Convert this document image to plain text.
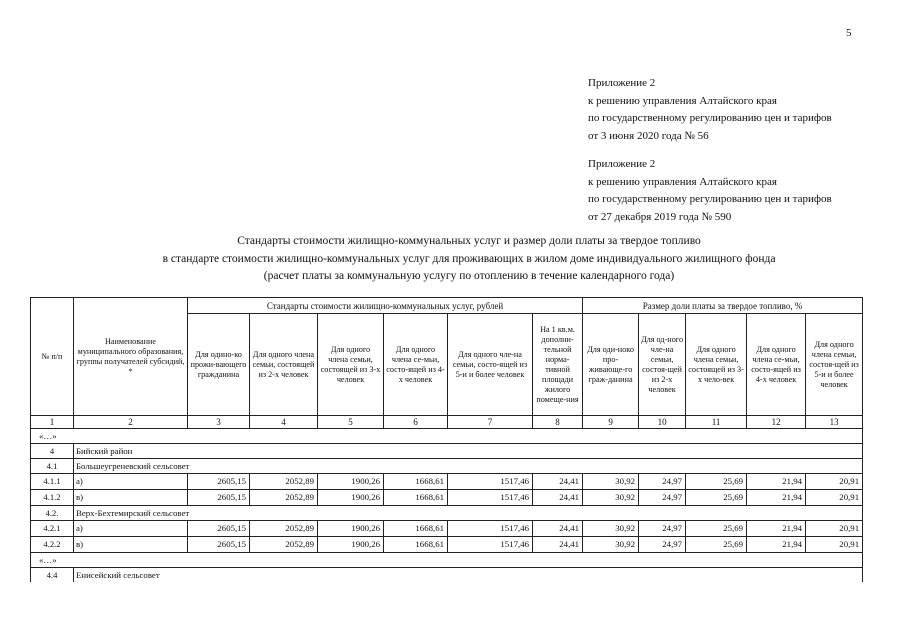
5
Приложение 2
к решению управления Алтайского края
по государственному регулированию цен и тарифов
от 3 июня 2020 года № 56
Приложение 2
к решению управления Алтайского края
по государственному регулированию цен и тарифов
от 27 декабря 2019 года № 590
Стандарты стоимости жилищно-коммунальных услуг и размер доли платы за твердое топливо
в стандарте стоимости жилищно-коммунальных услуг для проживающих в жилом доме индивидуального жилищного фонда
(расчет платы за коммунальную услугу по отоплению в течение календарного года)
№ п/п	Наименование муниципального образования, группы получателей субсидий, *	Стандарты стоимости жилищно-коммунальных услуг, рублей						Размер доли платы за твердое топливо, %				
		Для одино-ко прожи-вающего гражданина	Для одного члена семьи, состоящей из 2-х человек	Для одного члена семьи, состоящей из 3-х человек	Для одного члена се-мьи, состо-ящей из 4-х человек	Для одного чле-на семьи, состо-ящей из 5-и и более человек	На 1 кв.м. дополни-тельной норма-тивной площади жилого помеще-ния	Для оди-ноко про-живающе-го граж-данина	Для од-ного чле-на семьи, состоя-щей из 2-х человек	Для одного члена семьи, состоящей из 3-х чело-век	Для одного члена се-мьи, состо-ящей из 4-х человек	Для одного члена семьи, состоя-щей из 5-и и более человек
1	2	3	4	5	6	7	8	9	10	11	12	13
«…»												
4	Бийский район											
4.1	Большеугреневский сельсовет											
4.1.1	а)	2605,15	2052,89	1900,26	1668,61	1517,46	24,41	30,92	24,97	25,69	21,94	20,91
4.1.2	в)	2605,15	2052,89	1900,26	1668,61	1517,46	24,41	30,92	24,97	25,69	21,94	20,91
4.2.	Верх-Бехтемирский сельсовет											
4.2.1	а)	2605,15	2052,89	1900,26	1668,61	1517,46	24,41	30,92	24,97	25,69	21,94	20,91
4.2.2	в)	2605,15	2052,89	1900,26	1668,61	1517,46	24,41	30,92	24,97	25,69	21,94	20,91
«…»												
4.4	Енисейский сельсовет											
